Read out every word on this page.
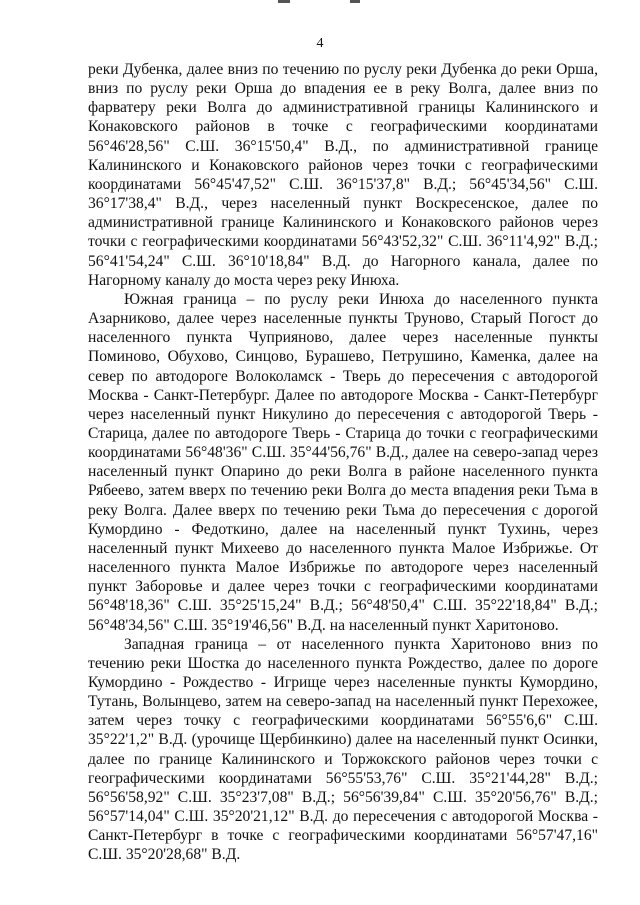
4

реки Дубенка, далее вниз по течению по руслу реки Дубенка до реки Орша, вниз по руслу реки Орша до впадения ее в реку Волга, далее вниз по фарватеру реки Волга до административной границы Калининского и Конаковского районов в точке с географическими координатами 56°46'28,56" С.Ш. 36°15'50,4" В.Д., по административной границе Калининского и Конаковского районов через точки с географическими координатами 56°45'47,52" С.Ш. 36°15'37,8" В.Д.; 56°45'34,56" С.Ш. 36°17'38,4" В.Д., через населенный пункт Воскресенское, далее по административной границе Калининского и Конаковского районов через точки с географическими координатами 56°43'52,32" С.Ш. 36°11'4,92" В.Д.; 56°41'54,24" С.Ш. 36°10'18,84" В.Д. до Нагорного канала, далее по Нагорному каналу до моста через реку Инюха.

Южная граница – по руслу реки Инюха до населенного пункта Азарниково, далее через населенные пункты Труново, Старый Погост до населенного пункта Чуприяново, далее через населенные пункты Поминово, Обухово, Синцово, Бурашево, Петрушино, Каменка, далее на север по автодороге Волоколамск - Тверь до пересечения с автодорогой Москва - Санкт-Петербург. Далее по автодороге Москва - Санкт-Петербург через населенный пункт Никулино до пересечения с автодорогой Тверь - Старица, далее по автодороге Тверь - Старица до точки с географическими координатами 56°48'36" С.Ш. 35°44'56,76" В.Д., далее на северо-запад через населенный пункт Опарино до реки Волга в районе населенного пункта Рябеево, затем вверх по течению реки Волга до места впадения реки Тьма в реку Волга. Далее вверх по течению реки Тьма до пересечения с дорогой Кумордино - Федоткино, далее на населенный пункт Тухинь, через населенный пункт Михеево до населенного пункта Малое Избрижье. От населенного пункта Малое Избрижье по автодороге через населенный пункт Заборовье и далее через точки с географическими координатами 56°48'18,36" С.Ш. 35°25'15,24" В.Д.; 56°48'50,4" С.Ш. 35°22'18,84" В.Д.; 56°48'34,56" С.Ш. 35°19'46,56" В.Д. на населенный пункт Харитоново.

Западная граница – от населенного пункта Харитоново вниз по течению реки Шостка до населенного пункта Рождество, далее по дороге Кумордино - Рождество - Игрище через населенные пункты Кумордино, Тутань, Волынцево, затем на северо-запад на населенный пункт Перехожее, затем через точку с географическими координатами 56°55'6,6" С.Ш. 35°22'1,2" В.Д. (урочище Щербинкино) далее на населенный пункт Осинки, далее по границе Калининского и Торжокского районов через точки с географическими координатами 56°55'53,76" С.Ш. 35°21'44,28" В.Д.; 56°56'58,92" С.Ш. 35°23'7,08" В.Д.; 56°56'39,84" С.Ш. 35°20'56,76" В.Д.; 56°57'14,04" С.Ш. 35°20'21,12" В.Д. до пересечения с автодорогой Москва - Санкт-Петербург в точке с географическими координатами 56°57'47,16" С.Ш. 35°20'28,68" В.Д.
